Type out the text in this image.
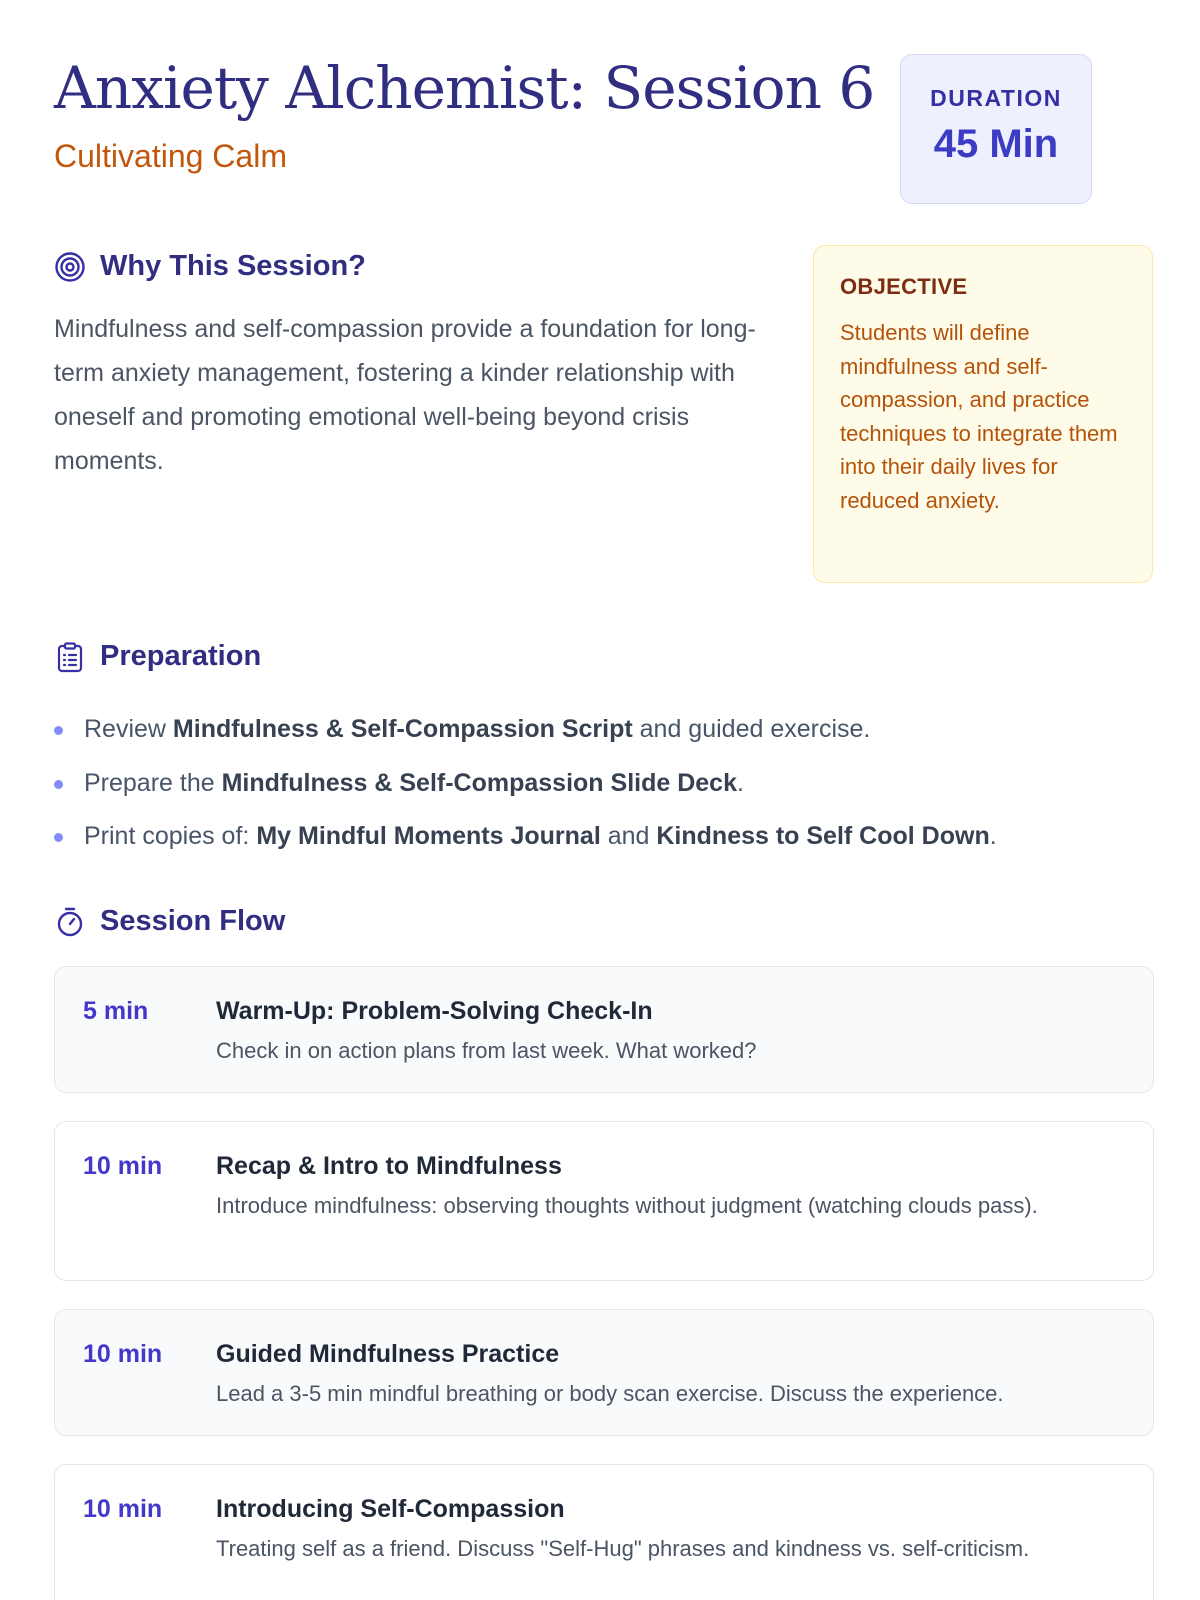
Anxiety Alchemist: Session 6
Cultivating Calm
DURATION
45 Min
Why This Session?

Mindfulness and self-compassion provide a foundation for long-term anxiety management, fostering a kinder relationship with oneself and promoting emotional well-being beyond crisis moments.

OBJECTIVE
Students will define mindfulness and self-compassion, and practice techniques to integrate them into their daily lives for reduced anxiety.
Preparation
Review Mindfulness & Self-Compassion Script and guided exercise.
Prepare the Mindfulness & Self-Compassion Slide Deck.
Print copies of: My Mindful Moments Journal and Kindness to Self Cool Down.
Session Flow
5 min	Warm-Up: Problem-Solving Check-In
Check in on action plans from last week. What worked?
10 min	Recap & Intro to Mindfulness
Introduce mindfulness: observing thoughts without judgment (watching clouds pass).
10 min	Guided Mindfulness Practice
Lead a 3-5 min mindful breathing or body scan exercise. Discuss the experience.
10 min	Introducing Self-Compassion
Treating self as a friend. Discuss "Self-Hug" phrases and kindness vs. self-criticism.
